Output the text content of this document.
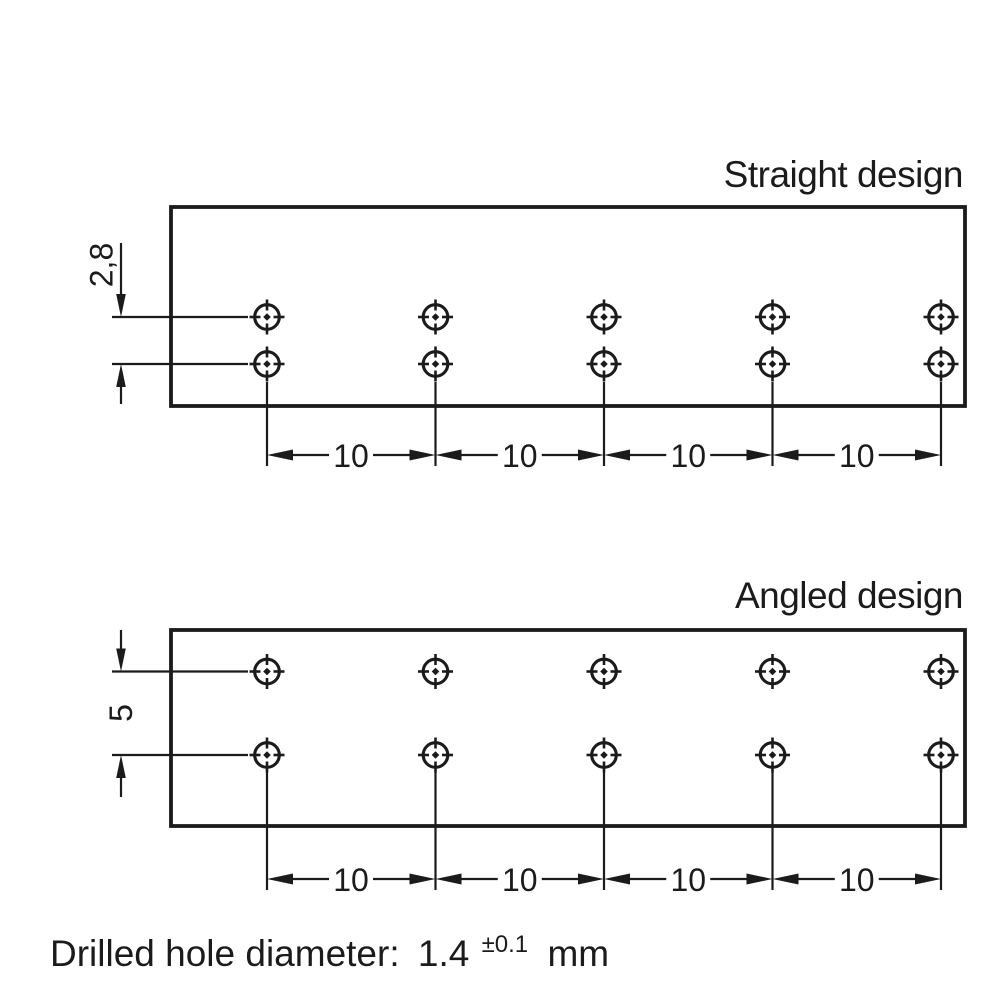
Straight design
2,8
10	10	10	10
Angled design
5
10	10	10	10
Drilled hole diameter: 1.4 $^{\pm 0.1}$ mm
